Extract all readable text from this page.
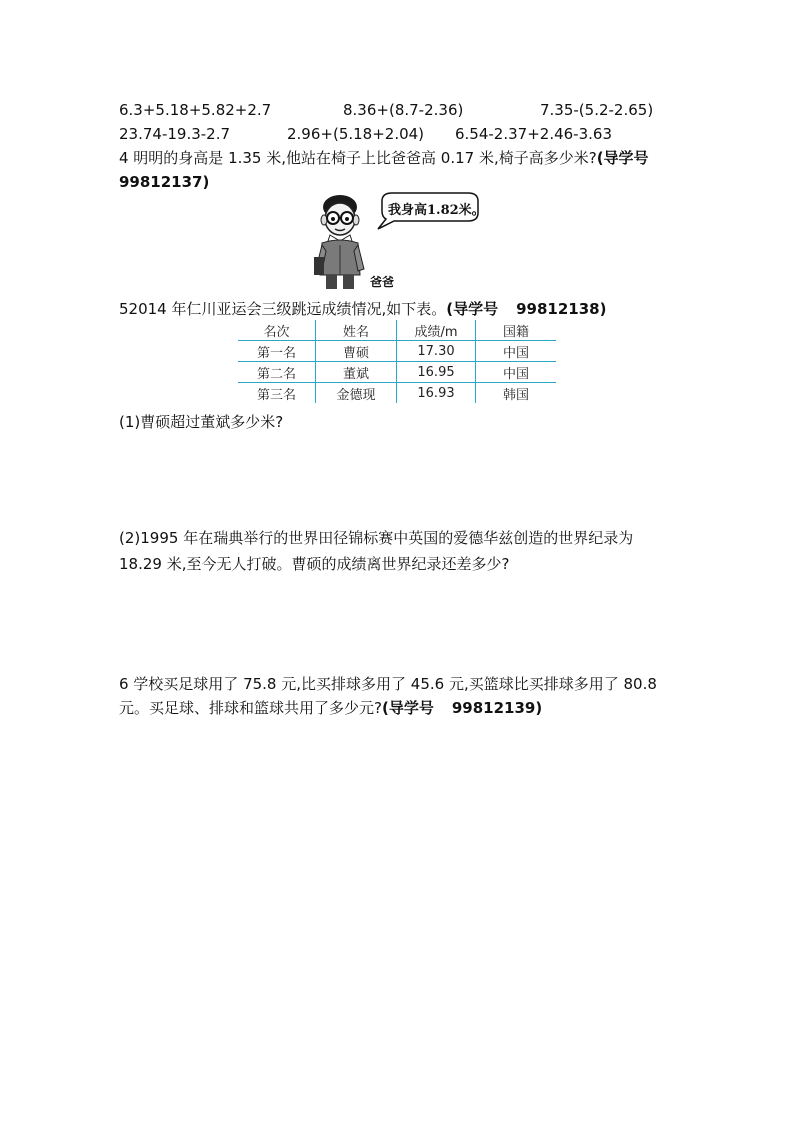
6.3+5.18+5.82+2.7	8.36+(8.7-2.36)	7.35-(5.2-2.65)
23.74-19.3-2.7	2.96+(5.18+2.04) 6.54-2.37+2.46-3.63
4 明明的身高是 1.35 米,他站在椅子上比爸爸高 0.17 米,椅子高多少米?(导学号
99812137)
我身高1.82米。
爸爸
52014 年仁川亚运会三级跳远成绩情况,如下表。(导学号 99812138)
名次	姓名	成绩/m	国籍
第一名	曹硕	17.30	中国
第二名	董斌	16.95	中国
第三名	金德现	16.93	韩国
(1)曹硕超过董斌多少米?
(2)1995 年在瑞典举行的世界田径锦标赛中英国的爱德华兹创造的世界纪录为
18.29 米,至今无人打破。曹硕的成绩离世界纪录还差多少?
6 学校买足球用了 75.8 元,比买排球多用了 45.6 元,买篮球比买排球多用了 80.8
元。买足球、排球和篮球共用了多少元?(导学号 99812139)
